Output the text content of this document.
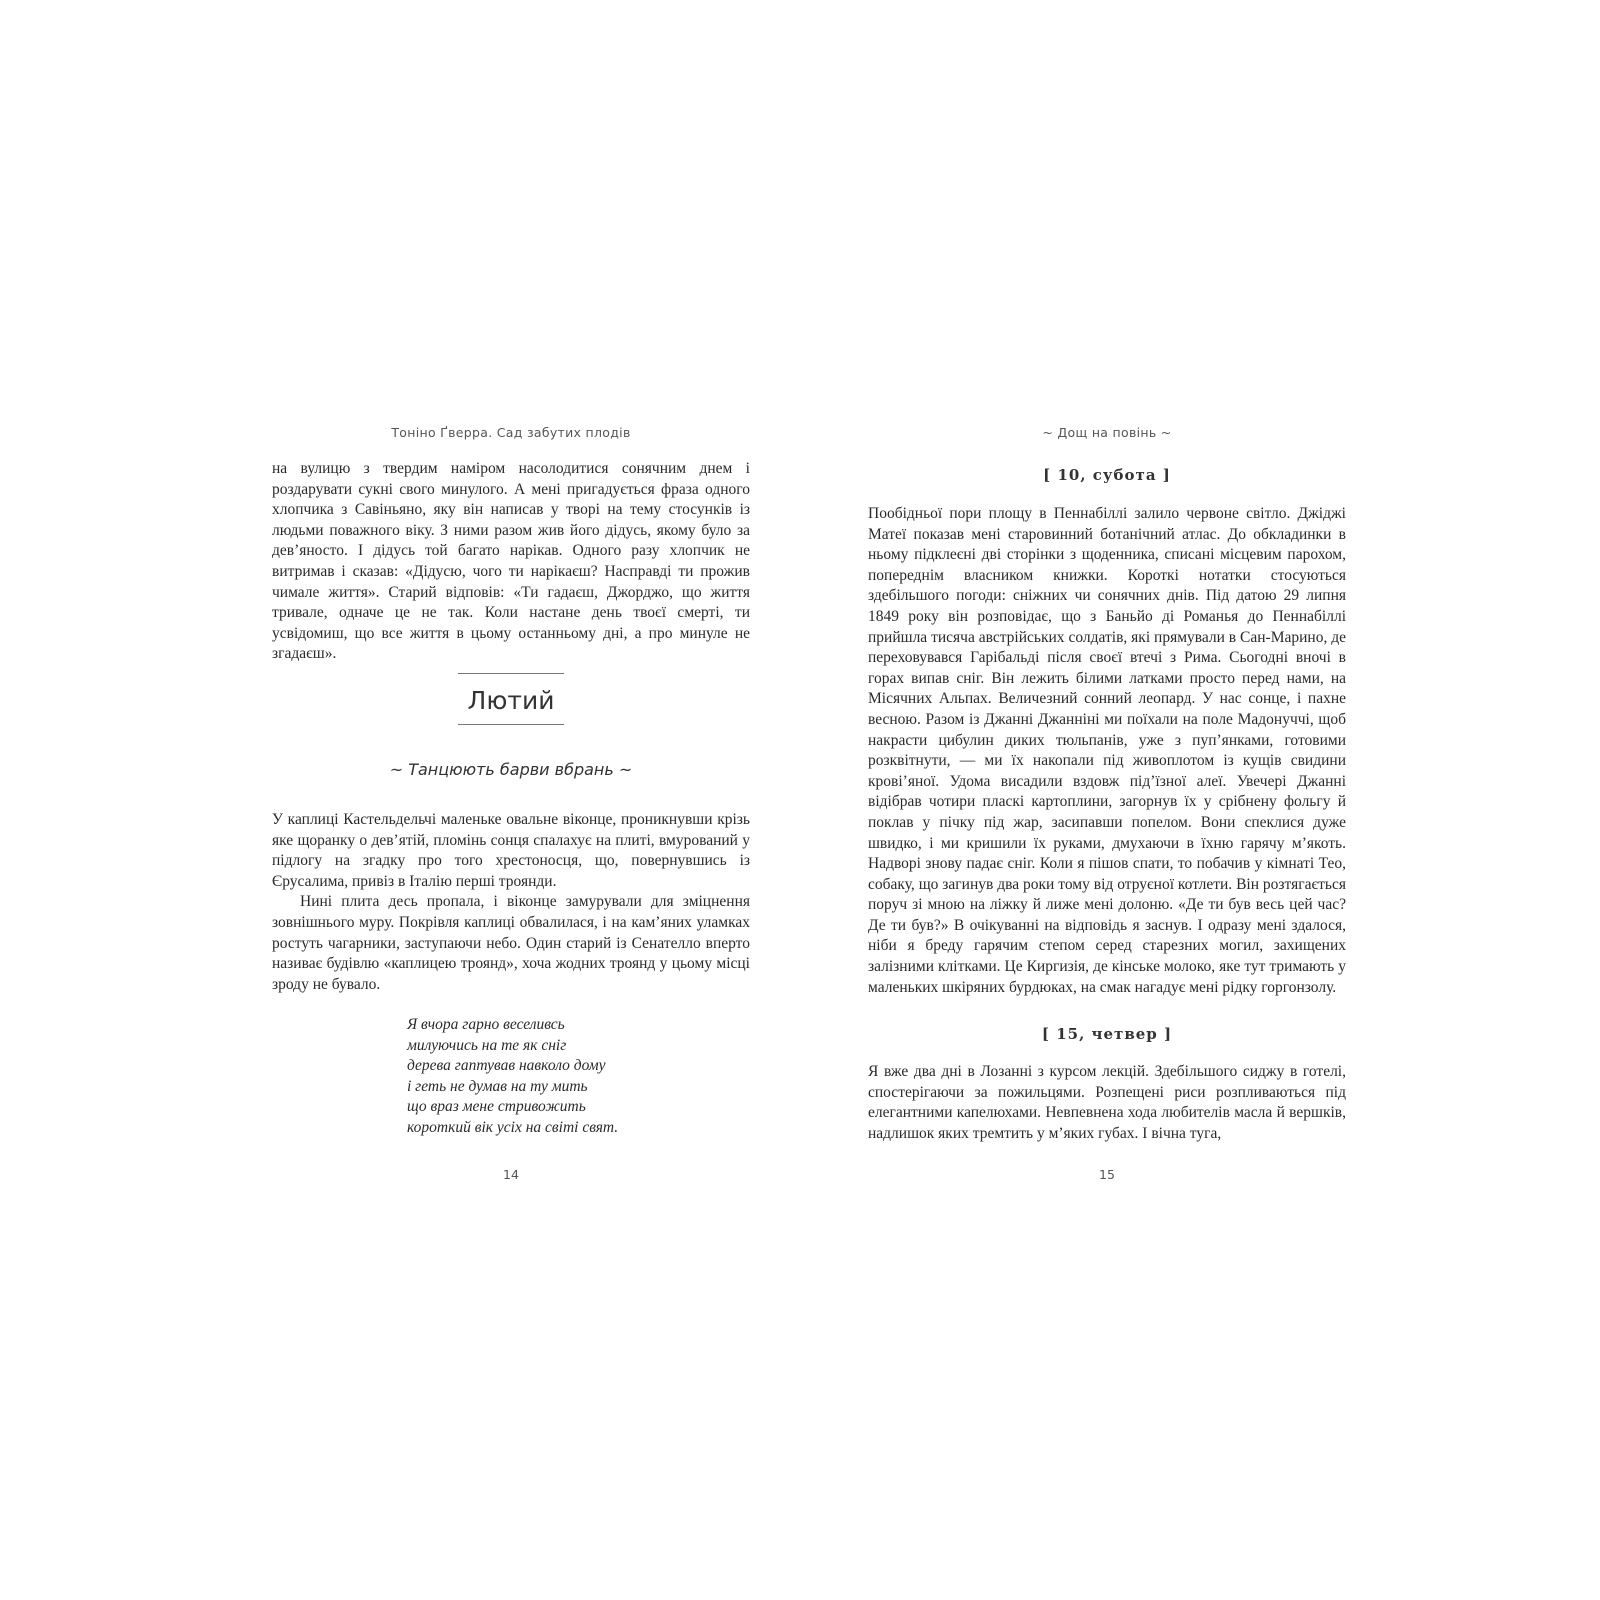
Тоніно Ґверра. Сад забутих плодів

на вулицю з твердим наміром насолодитися сонячним днем і роздарувати сукні свого минулого. А мені пригадується фраза одного хлопчика з Савіньяно, яку він написав у творі на тему стосунків із людьми поважного віку. З ними разом жив його дідусь, якому було за дев’яносто. І дідусь той багато нарікав. Одного разу хлопчик не витримав і сказав: «Дідусю, чого ти нарікаєш? Насправді ти прожив чимале життя». Старий відповів: «Ти гадаєш, Джорджо, що життя тривале, одначе це не так. Коли настане день твоєї смерті, ти усвідомиш, що все життя в цьому останньому дні, а про минуле не згадаєш».

Лютий
~ Танцюють барви вбрань ~

У каплиці Кастельдельчі маленьке овальне віконце, проникнувши крізь яке щоранку о дев’ятій, пломінь сонця спалахує на плиті, вмурований у підлогу на згадку про того хрестоносця, що, повернувшись із Єрусалима, привіз в Італію перші троянди.

Нині плита десь пропала, і віконце замурували для зміцнення зовнішнього муру. Покрівля каплиці обвалилася, і на кам’яних уламках ростуть чагарники, заступаючи небо. Один старий із Сенателло вперто називає будівлю «каплицею троянд», хоча жодних троянд у цьому місці зроду не бувало.

Я вчора гарно веселивсь
милуючись на те як сніг
дерева гаптував навколо дому
і геть не думав на ту мить
що враз мене стривожить
короткий вік усіх на світі свят.
14
~ Дощ на повінь ~
[ 10, субота ]

Пообідньої пори площу в Пеннабіллі залило червоне світло. Джіджі Матеї показав мені старовинний ботанічний атлас. До обкладинки в ньому підклеєні дві сторінки з щоденника, списані місцевим парохом, попереднім власником книжки. Короткі нотатки стосуються здебільшого погоди: сніжних чи сонячних днів. Під датою 29 липня 1849 року він розповідає, що з Баньйо ді Романья до Пеннабіллі прийшла тисяча австрійських солдатів, які прямували в Сан-Марино, де переховувався Гарібальді після своєї втечі з Рима. Сьогодні вночі в горах випав сніг. Він лежить білими латками просто перед нами, на Місячних Альпах. Величезний сонний леопард. У нас сонце, і пахне весною. Разом із Джанні Джанніні ми поїхали на поле Мадонуччі, щоб накрасти цибулин диких тюльпанів, уже з пуп’янками, готовими розквітнути, — ми їх накопали під живоплотом із кущів свидини крові’яної. Удома висадили вздовж під’їзної алеї. Увечері Джанні відібрав чотири пласкі картоплини, загорнув їх у срібнену фольгу й поклав у пічку під жар, засипавши попелом. Вони спеклися дуже швидко, і ми кришили їх руками, дмухаючи в їхню гарячу м’якоть. Надворі знову падає сніг. Коли я пішов спати, то побачив у кімнаті Тео, собаку, що загинув два роки тому від отруєної котлети. Він розтягається поруч зі мною на ліжку й лиже мені долоню. «Де ти був весь цей час? Де ти був?» В очікуванні на відповідь я заснув. І одразу мені здалося, ніби я бреду гарячим степом серед старезних могил, захищених залізними клітками. Це Киргизія, де кінське молоко, яке тут тримають у маленьких шкіряних бурдюках, на смак нагадує мені рідку горгонзолу.

[ 15, четвер ]

Я вже два дні в Лозанні з курсом лекцій. Здебільшого сиджу в готелі, спостерігаючи за пожильцями. Розпещені риси розпливаються під елегантними капелюхами. Невпевнена хода любителів масла й вершків, надлишок яких тремтить у м’яких губах. І вічна туга,

15
